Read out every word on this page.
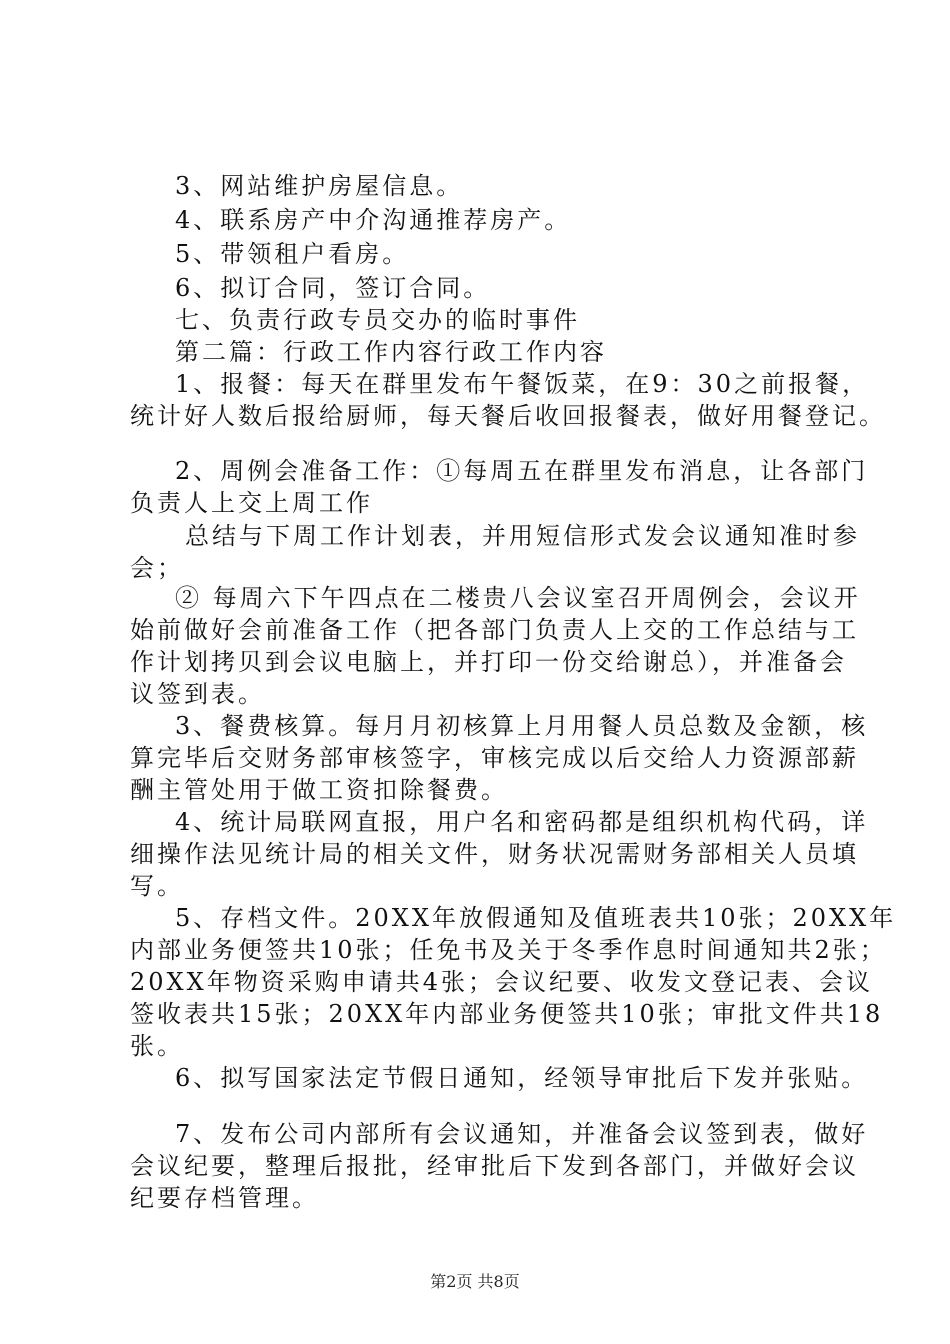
3、网站维护房屋信息。
4、联系房产中介沟通推荐房产。
5、带领租户看房。
6、拟订合同，签订合同。
七、负责行政专员交办的临时事件
第二篇：行政工作内容行政工作内容
1、报餐：每天在群里发布午餐饭菜，在9：30之前报餐，
统计好人数后报给厨师，每天餐后收回报餐表，做好用餐登记。
2、周例会准备工作：①每周五在群里发布消息，让各部门
负责人上交上周工作
总结与下周工作计划表，并用短信形式发会议通知准时参
会；
② 每周六下午四点在二楼贵八会议室召开周例会，会议开
始前做好会前准备工作（把各部门负责人上交的工作总结与工
作计划拷贝到会议电脑上，并打印一份交给谢总），并准备会
议签到表。
3、餐费核算。每月月初核算上月用餐人员总数及金额，核
算完毕后交财务部审核签字，审核完成以后交给人力资源部薪
酬主管处用于做工资扣除餐费。
4、统计局联网直报，用户名和密码都是组织机构代码，详
细操作法见统计局的相关文件，财务状况需财务部相关人员填
写。
5、存档文件。20XX年放假通知及值班表共10张；20XX年
内部业务便签共10张；任免书及关于冬季作息时间通知共2张；
20XX年物资采购申请共4张；会议纪要、收发文登记表、会议
签收表共15张；20XX年内部业务便签共10张；审批文件共18
张。
6、拟写国家法定节假日通知，经领导审批后下发并张贴。
7、发布公司内部所有会议通知，并准备会议签到表，做好
会议纪要，整理后报批，经审批后下发到各部门，并做好会议
纪要存档管理。
第2页 共8页
